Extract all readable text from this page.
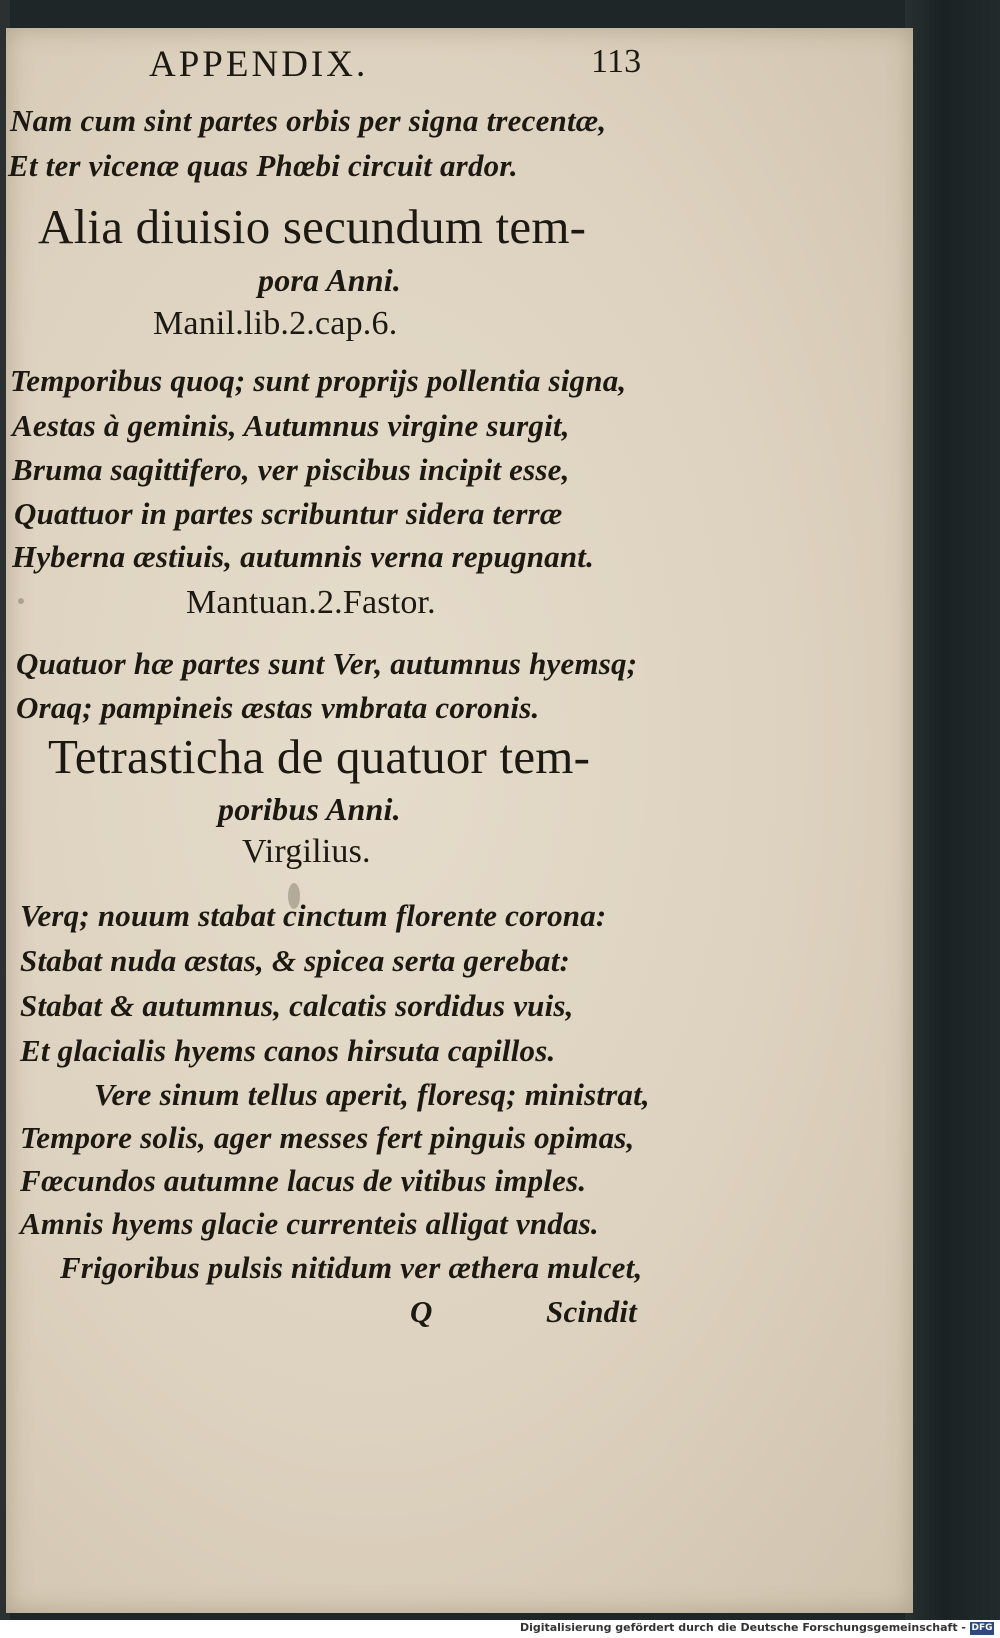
APPENDIX.	113
Nam cum sint partes orbis per signa trecentæ,
Et ter vicenæ quas Phœbi circuit ardor.
Alia diuisio secundum tem-
pora Anni.
Manil.lib.2.cap.6.
Temporibus quoq; sunt proprijs pollentia signa,
Aestas à geminis, Autumnus virgine surgit,
Bruma sagittifero, ver piscibus incipit esse,
Quattuor in partes scribuntur sidera terræ
Hyberna æstiuis, autumnis verna repugnant.
Mantuan.2.Fastor.
Quatuor hæ partes sunt Ver, autumnus hyemsq;
Oraq; pampineis æstas vmbrata coronis.
Tetrasticha de quatuor tem-
poribus Anni.
Virgilius.
Verq; nouum stabat cinctum florente corona:
Stabat nuda æstas, & spicea serta gerebat:
Stabat & autumnus, calcatis sordidus vuis,
Et glacialis hyems canos hirsuta capillos.
Vere sinum tellus aperit, floresq; ministrat,
Tempore solis, ager messes fert pinguis opimas,
Fœcundos autumne lacus de vitibus imples.
Amnis hyems glacie currenteis alligat vndas.
Frigoribus pulsis nitidum ver æthera mulcet,
Q	Scindit
Digitalisierung gefördert durch die Deutsche Forschungsgemeinschaft - DFG
